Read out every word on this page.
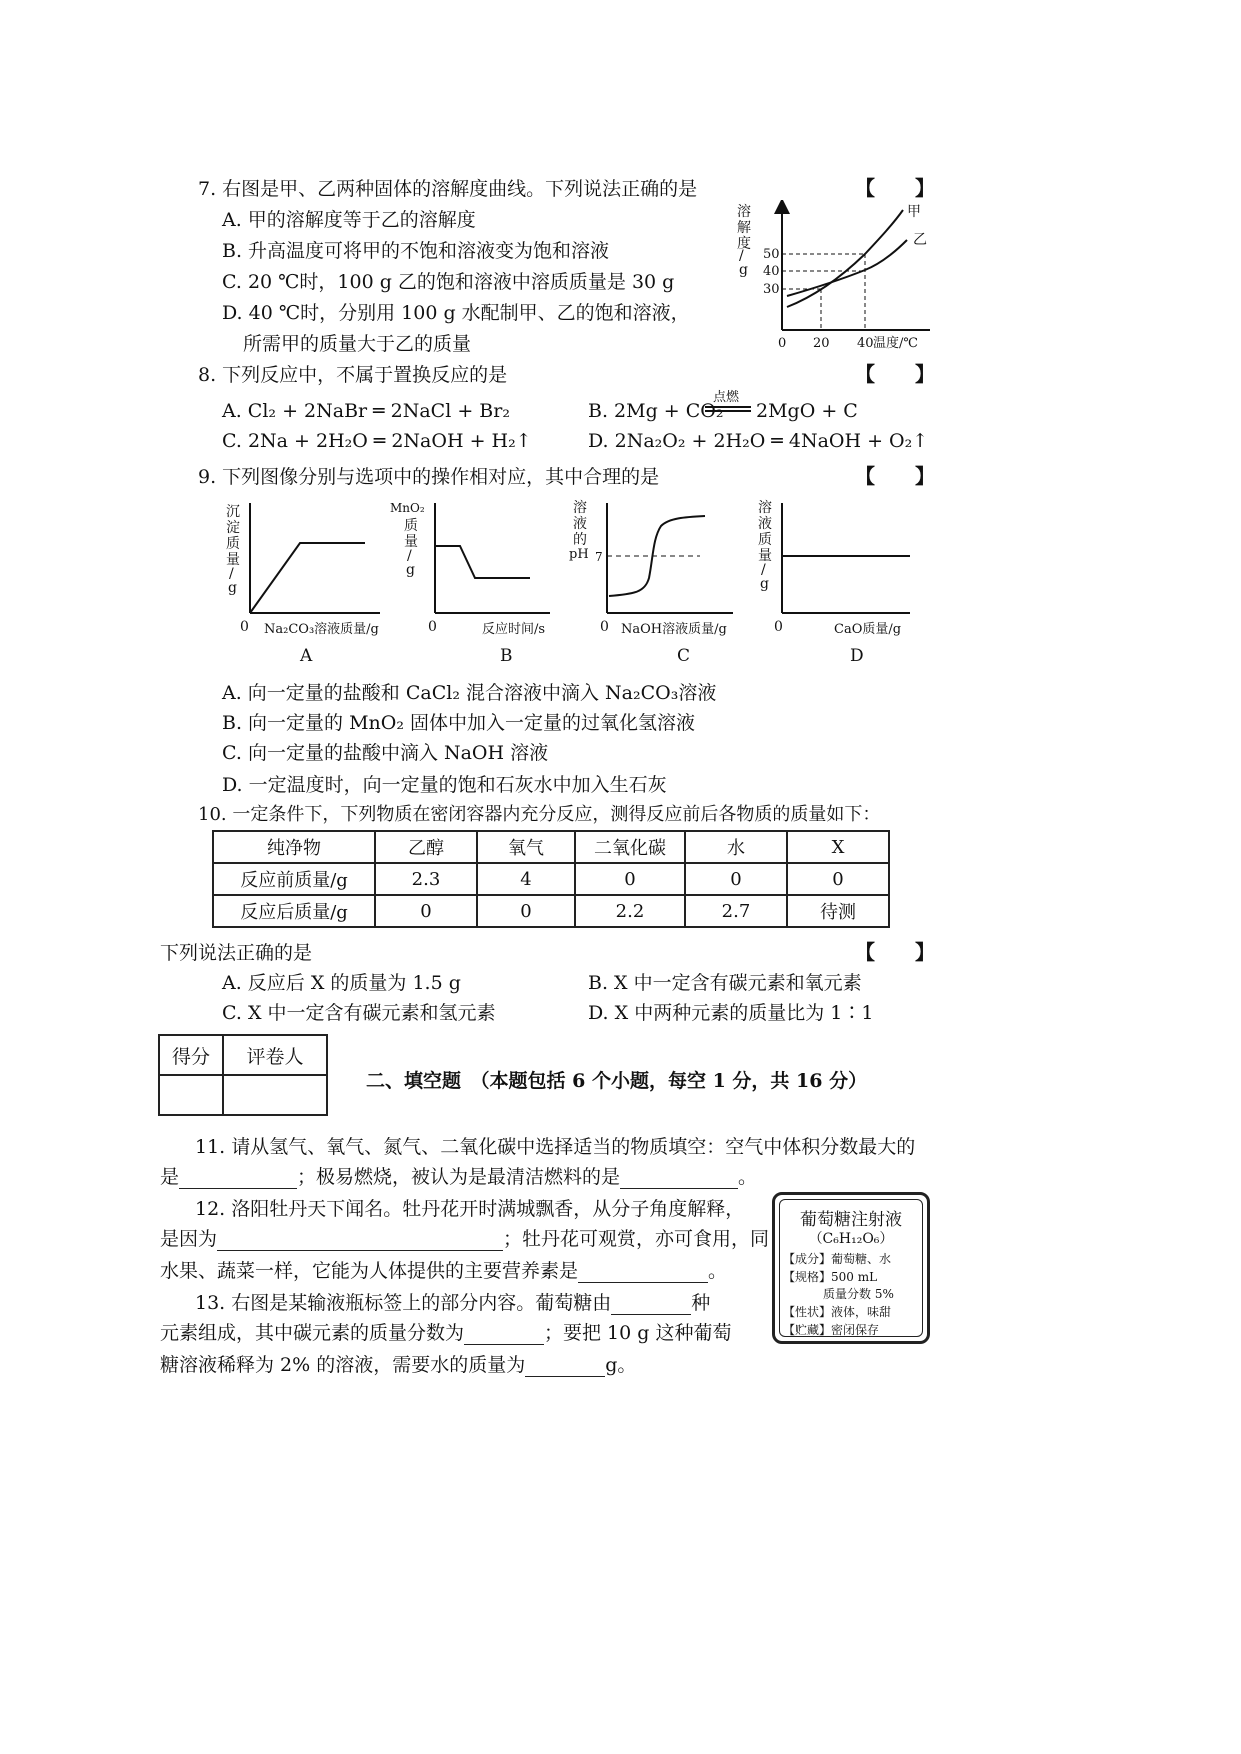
7. 右图是甲、乙两种固体的溶解度曲线。下列说法正确的是	【　　】
A. 甲的溶解度等于乙的溶解度
B. 升高温度可将甲的不饱和溶液变为饱和溶液
C. 20 ℃时，100 g 乙的饱和溶液中溶质质量是 30 g
D. 40 ℃时，分别用 100 g 水配制甲、乙的饱和溶液，
所需甲的质量大于乙的质量
溶
解
度
/
g
50
40
30
0 20 40 温度/℃
甲
乙
8. 下列反应中，不属于置换反应的是	【　　】
A. Cl₂ + 2NaBr ═ 2NaCl + Br₂	B. 2Mg + CO₂
点燃
2MgO + C
C. 2Na + 2H₂O ═ 2NaOH + H₂↑	D. 2Na₂O₂ + 2H₂O ═ 4NaOH + O₂↑
9. 下列图像分别与选项中的操作相对应，其中合理的是	【　　】
沉
淀
质
量
/
g
0 Na₂CO₃溶液质量/g
A
MnO₂
质
量
/
g
0	反应时间/s
B
溶
液
的
pH 7
0 NaOH溶液质量/g
C
溶
液
质
量
/
g
0	CaO质量/g
D
A. 向一定量的盐酸和 CaCl₂ 混合溶液中滴入 Na₂CO₃溶液
B. 向一定量的 MnO₂ 固体中加入一定量的过氧化氢溶液
C. 向一定量的盐酸中滴入 NaOH 溶液
D. 一定温度时，向一定量的饱和石灰水中加入生石灰
10. 一定条件下，下列物质在密闭容器内充分反应，测得反应前后各物质的质量如下：
纯净物	乙醇	氧气	二氧化碳	水	X
反应前质量/g	2.3	4	0	0	0
反应后质量/g	0	0	2.2	2.7	待测
下列说法正确的是	【　　】
A. 反应后 X 的质量为 1.5 g	B. X 中一定含有碳元素和氧元素
C. X 中一定含有碳元素和氢元素	D. X 中两种元素的质量比为 1∶1
得分	评卷人

二、填空题　（本题包括 6 个小题，每空 1 分，共 16 分）
11. 请从氢气、氧气、氮气、二氧化碳中选择适当的物质填空：空气中体积分数最大的
是	；极易燃烧，被认为是最清洁燃料的是	。
12. 洛阳牡丹天下闻名。牡丹花开时满城飘香，从分子角度解释，
是因为	；牡丹花可观赏，亦可食用，同
水果、蔬菜一样，它能为人体提供的主要营养素是	。
13. 右图是某输液瓶标签上的部分内容。葡萄糖由	种
元素组成，其中碳元素的质量分数为	；要把 10 g 这种葡萄
糖溶液稀释为 2% 的溶液，需要水的质量为	g。
葡萄糖注射液
（C₆H₁₂O₆）
【成分】葡萄糖、水
【规格】500 mL
质量分数 5%
【性状】液体，味甜
【贮藏】密闭保存
